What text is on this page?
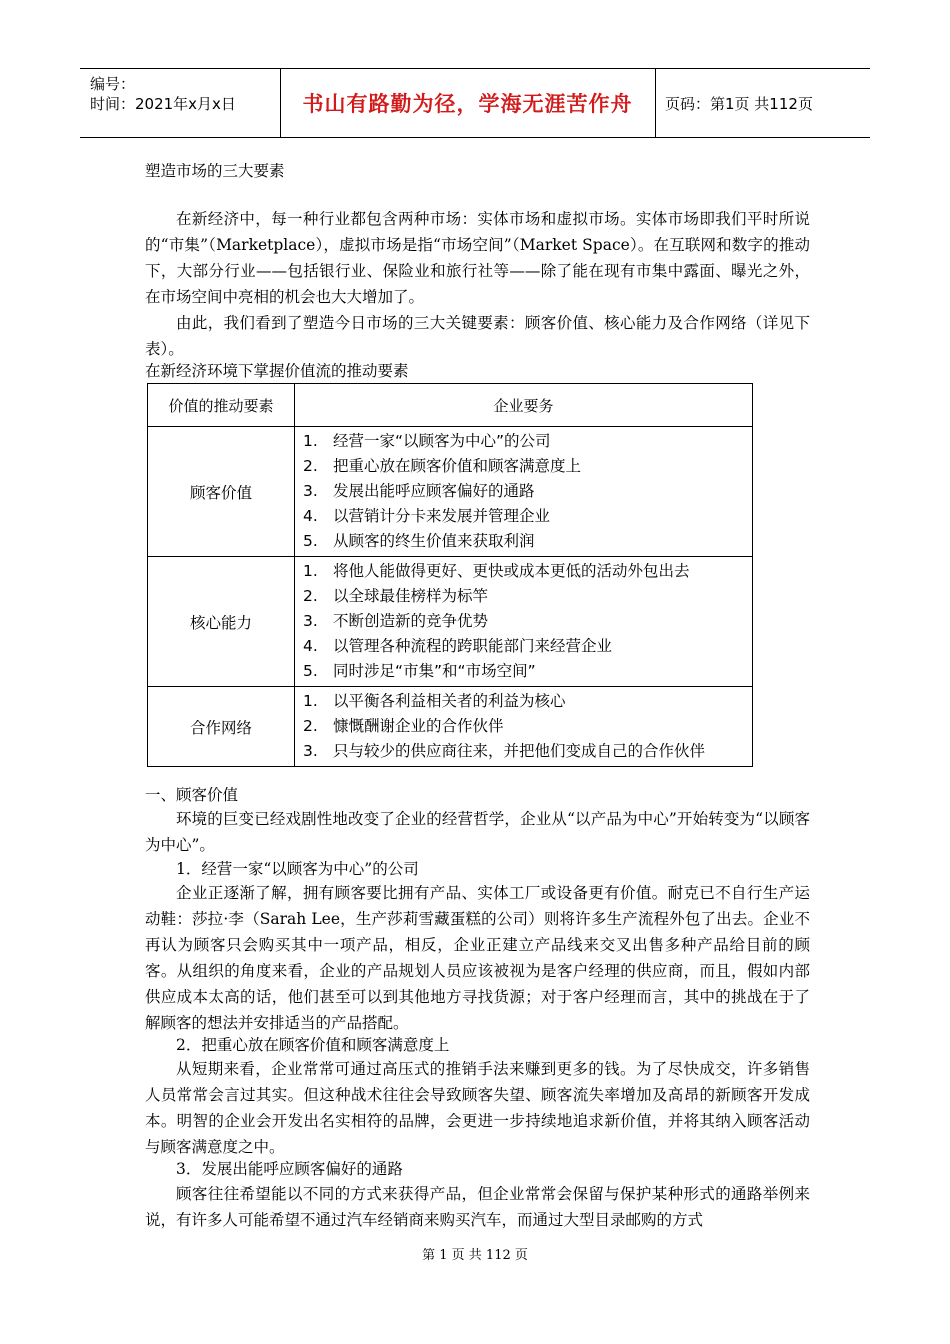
编号：
时间：2021年x月x日	书山有路勤为径，学海无涯苦作舟	页码：第1页 共112页
塑造市场的三大要素
在新经济中，每一种行业都包含两种市场：实体市场和虚拟市场。实体市场即我们平时所说的“市集”（Marketplace），虚拟市场是指“市场空间”（Market Space）。在互联网和数字的推动下，大部分行业——包括银行业、保险业和旅行社等——除了能在现有市集中露面、曝光之外，在市场空间中亮相的机会也大大增加了。
由此，我们看到了塑造今日市场的三大关键要素：顾客价值、核心能力及合作网络（详见下表）。
在新经济环境下掌握价值流的推动要素
价值的推动要素	企业要务
顾客价值	1. 经营一家“以顾客为中心”的公司
2. 把重心放在顾客价值和顾客满意度上
3. 发展出能呼应顾客偏好的通路
4. 以营销计分卡来发展并管理企业
5. 从顾客的终生价值来获取利润

核心能力	1. 将他人能做得更好、更快或成本更低的活动外包出去
2. 以全球最佳榜样为标竿
3. 不断创造新的竞争优势
4. 以管理各种流程的跨职能部门来经营企业
5. 同时涉足“市集”和“市场空间”

合作网络	1. 以平衡各利益相关者的利益为核心
2. 慷慨酬谢企业的合作伙伴
3. 只与较少的供应商往来，并把他们变成自己的合作伙伴
一、顾客价值
环境的巨变已经戏剧性地改变了企业的经营哲学，企业从“以产品为中心”开始转变为“以顾客为中心”。
1．经营一家“以顾客为中心”的公司
企业正逐渐了解，拥有顾客要比拥有产品、实体工厂或设备更有价值。耐克已不自行生产运动鞋：莎拉·李（Sarah Lee，生产莎莉雪藏蛋糕的公司）则将许多生产流程外包了出去。企业不再认为顾客只会购买其中一项产品，相反，企业正建立产品线来交叉出售多种产品给目前的顾客。从组织的角度来看，企业的产品规划人员应该被视为是客户经理的供应商，而且，假如内部供应成本太高的话，他们甚至可以到其他地方寻找货源；对于客户经理而言，其中的挑战在于了解顾客的想法并安排适当的产品搭配。
2．把重心放在顾客价值和顾客满意度上
从短期来看，企业常常可通过高压式的推销手法来赚到更多的钱。为了尽快成交，许多销售人员常常会言过其实。但这种战术往往会导致顾客失望、顾客流失率增加及高昂的新顾客开发成本。明智的企业会开发出名实相符的品牌，会更进一步持续地追求新价值，并将其纳入顾客活动与顾客满意度之中。
3．发展出能呼应顾客偏好的通路
顾客往往希望能以不同的方式来获得产品，但企业常常会保留与保护某种形式的通路举例来说，有许多人可能希望不通过汽车经销商来购买汽车，而通过大型目录邮购的方式
第 1 页 共 112 页
